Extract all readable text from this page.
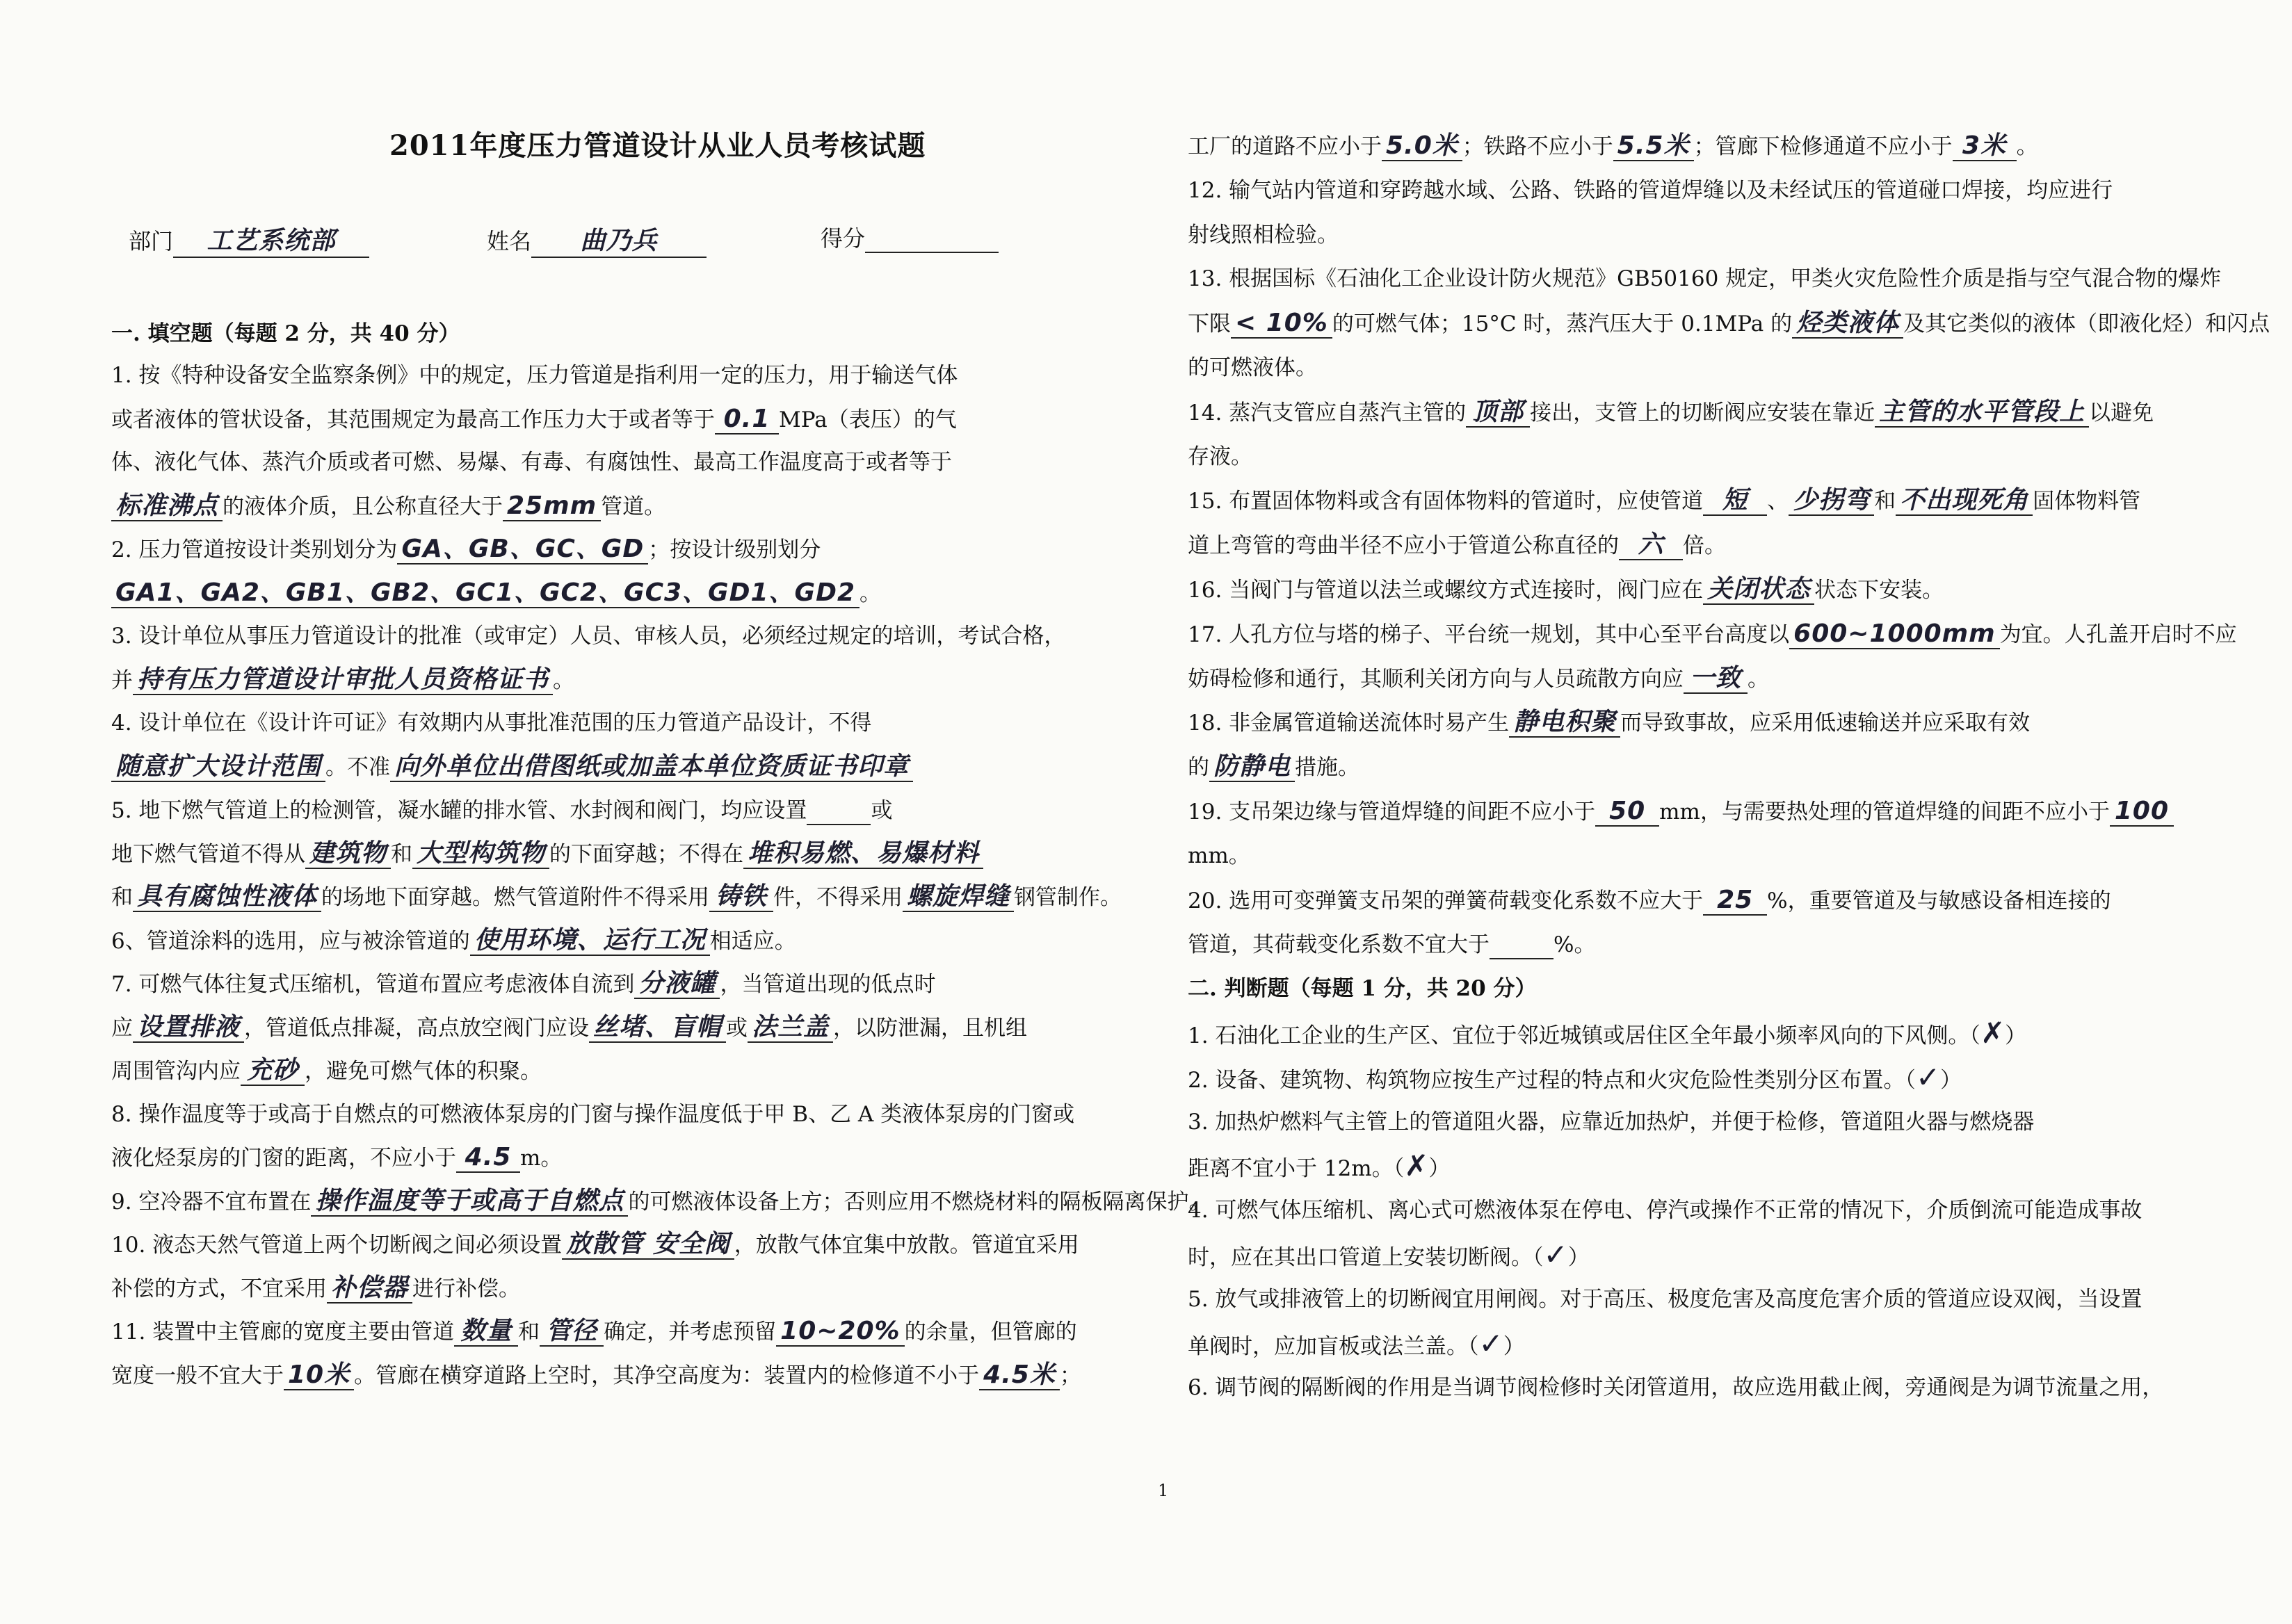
2011年度压力管道设计从业人员考核试题
部门 工艺系统部	姓名 曲乃兵	得分
一. 填空题（每题 2 分，共 40 分）
1. 按《特种设备安全监察条例》中的规定，压力管道是指利用一定的压力，用于输送气体
或者液体的管状设备，其范围规定为最高工作压力大于或者等于 0.1 MPa（表压）的气
体、液化气体、蒸汽介质或者可燃、易爆、有毒、有腐蚀性、最高工作温度高于或者等于
标准沸点 的液体介质，且公称直径大于 25mm 管道。
2. 压力管道按设计类别划分为 GA、GB、GC、GD ；按设计级别划分
GA1、GA2、GB1、GB2、GC1、GC2、GC3、GD1、GD2 。
3. 设计单位从事压力管道设计的批准（或审定）人员、审核人员，必须经过规定的培训，考试合格，
并 持有压力管道设计审批人员资格证书 。
4. 设计单位在《设计许可证》有效期内从事批准范围的压力管道产品设计，不得
随意扩大设计范围 。不准 向外单位出借图纸或加盖本单位资质证书印章
5. 地下燃气管道上的检测管，凝水罐的排水管、水封阀和阀门，均应设置	或
地下燃气管道不得从 建筑物 和 大型构筑物 的下面穿越；不得在 堆积易燃、易爆材料
和 具有腐蚀性液体 的场地下面穿越。燃气管道附件不得采用 铸铁 件，不得采用 螺旋焊缝 钢管制作。
6、管道涂料的选用，应与被涂管道的 使用环境、运行工况 相适应。
7. 可燃气体往复式压缩机，管道布置应考虑液体自流到 分液罐 ，当管道出现的低点时
应 设置排液 ，管道低点排凝，高点放空阀门应设 丝堵、盲帽 或 法兰盖 ，以防泄漏，且机组
周围管沟内应 充砂 ，避免可燃气体的积聚。
8. 操作温度等于或高于自燃点的可燃液体泵房的门窗与操作温度低于甲 B、乙 A 类液体泵房的门窗或
液化烃泵房的门窗的距离，不应小于 4.5 m。
9. 空冷器不宜布置在 操作温度等于或高于自燃点 的可燃液体设备上方；否则应用不燃烧材料的隔板隔离保护。
10. 液态天然气管道上两个切断阀之间必须设置 放散管 安全阀 ，放散气体宜集中放散。管道宜采用
补偿的方式，不宜采用 补偿器 进行补偿。
11. 装置中主管廊的宽度主要由管道 数量 和 管径 确定，并考虑预留 10~20% 的余量，但管廊的
宽度一般不宜大于 10米 。管廊在横穿道路上空时，其净空高度为：装置内的检修道不小于 4.5米 ；
工厂的道路不应小于 5.0米 ；铁路不应小于 5.5米 ；管廊下检修通道不应小于 3米 。
12. 输气站内管道和穿跨越水域、公路、铁路的管道焊缝以及未经试压的管道碰口焊接，均应进行
射线照相检验。
13. 根据国标《石油化工企业设计防火规范》GB50160 规定，甲类火灾危险性介质是指与空气混合物的爆炸
下限 < 10% 的可燃气体；15°C 时，蒸汽压大于 0.1MPa 的 烃类液体 及其它类似的液体（即液化烃）和闪点
的可燃液体。
14. 蒸汽支管应自蒸汽主管的 顶部 接出，支管上的切断阀应安装在靠近 主管的水平管段上 以避免
存液。
15. 布置固体物料或含有固体物料的管道时，应使管道 短 、 少拐弯 和 不出现死角 固体物料管
道上弯管的弯曲半径不应小于管道公称直径的 六 倍。
16. 当阀门与管道以法兰或螺纹方式连接时，阀门应在 关闭状态 状态下安装。
17. 人孔方位与塔的梯子、平台统一规划，其中心至平台高度以 600~1000mm 为宜。人孔盖开启时不应
妨碍检修和通行，其顺利关闭方向与人员疏散方向应 一致 。
18. 非金属管道输送流体时易产生 静电积聚 而导致事故，应采用低速输送并应采取有效
的 防静电 措施。
19. 支吊架边缘与管道焊缝的间距不应小于 50 mm，与需要热处理的管道焊缝的间距不应小于 100
mm。
20. 选用可变弹簧支吊架的弹簧荷载变化系数不应大于 25 %，重要管道及与敏感设备相连接的
管道，其荷载变化系数不宜大于	%。
二. 判断题（每题 1 分，共 20 分）
1. 石油化工企业的生产区、宜位于邻近城镇或居住区全年最小频率风向的下风侧。（✗）
2. 设备、建筑物、构筑物应按生产过程的特点和火灾危险性类别分区布置。（✓）
3. 加热炉燃料气主管上的管道阻火器，应靠近加热炉，并便于检修，管道阻火器与燃烧器
距离不宜小于 12m。（✗）
4. 可燃气体压缩机、离心式可燃液体泵在停电、停汽或操作不正常的情况下，介质倒流可能造成事故
时，应在其出口管道上安装切断阀。（✓）
5. 放气或排液管上的切断阀宜用闸阀。对于高压、极度危害及高度危害介质的管道应设双阀，当设置
单阀时，应加盲板或法兰盖。（✓）
6. 调节阀的隔断阀的作用是当调节阀检修时关闭管道用，故应选用截止阀，旁通阀是为调节流量之用，
1
